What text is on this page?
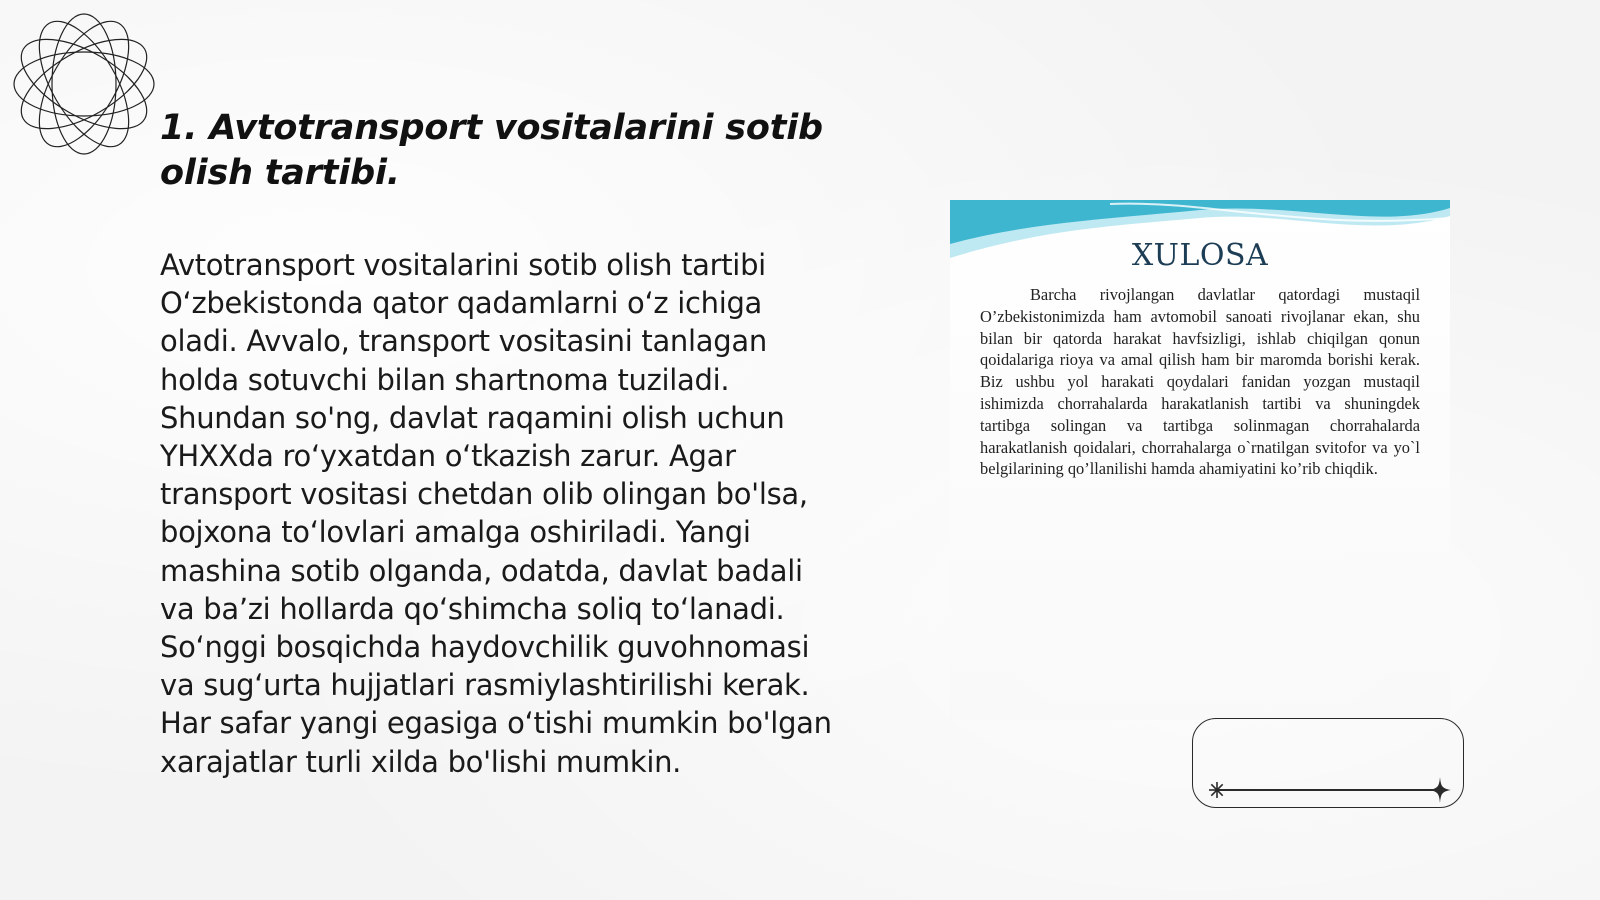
1. Avtotransport vositalarini sotib olish tartibi.

Avtotransport vositalarini sotib olish tartibi O‘zbekistonda qator qadamlarni o‘z ichiga oladi. Avvalo, transport vositasini tanlagan holda sotuvchi bilan shartnoma tuziladi. Shundan so'ng, davlat raqamini olish uchun YHXXda ro‘yxatdan o‘tkazish zarur. Agar transport vositasi chetdan olib olingan bo'lsa, bojxona to‘lovlari amalga oshiriladi. Yangi mashina sotib olganda, odatda, davlat badali va ba’zi hollarda qo‘shimcha soliq to‘lanadi. So‘nggi bosqichda haydovchilik guvohnomasi va sug‘urta hujjatlari rasmiylashtirilishi kerak. Har safar yangi egasiga o‘tishi mumkin bo'lgan xarajatlar turli xilda bo'lishi mumkin.

XULOSA

Barcha rivojlangan davlatlar qatordagi mustaqil O’zbekistonimizda ham avtomobil sanoati rivojlanar ekan, shu bilan bir qatorda harakat havfsizligi, ishlab chiqilgan qonun qoidalariga rioya va amal qilish ham bir maromda borishi kerak. Biz ushbu yol harakati qoydalari fanidan yozgan mustaqil ishimizda chorrahalarda harakatlanish tartibi va shuningdek tartibga solingan va tartibga solinmagan chorrahalarda harakatlanish qoidalari, chorrahalarga o`rnatilgan svitofor va yo`l belgilarining qo’llanilishi hamda ahamiyatini ko’rib chiqdik.
